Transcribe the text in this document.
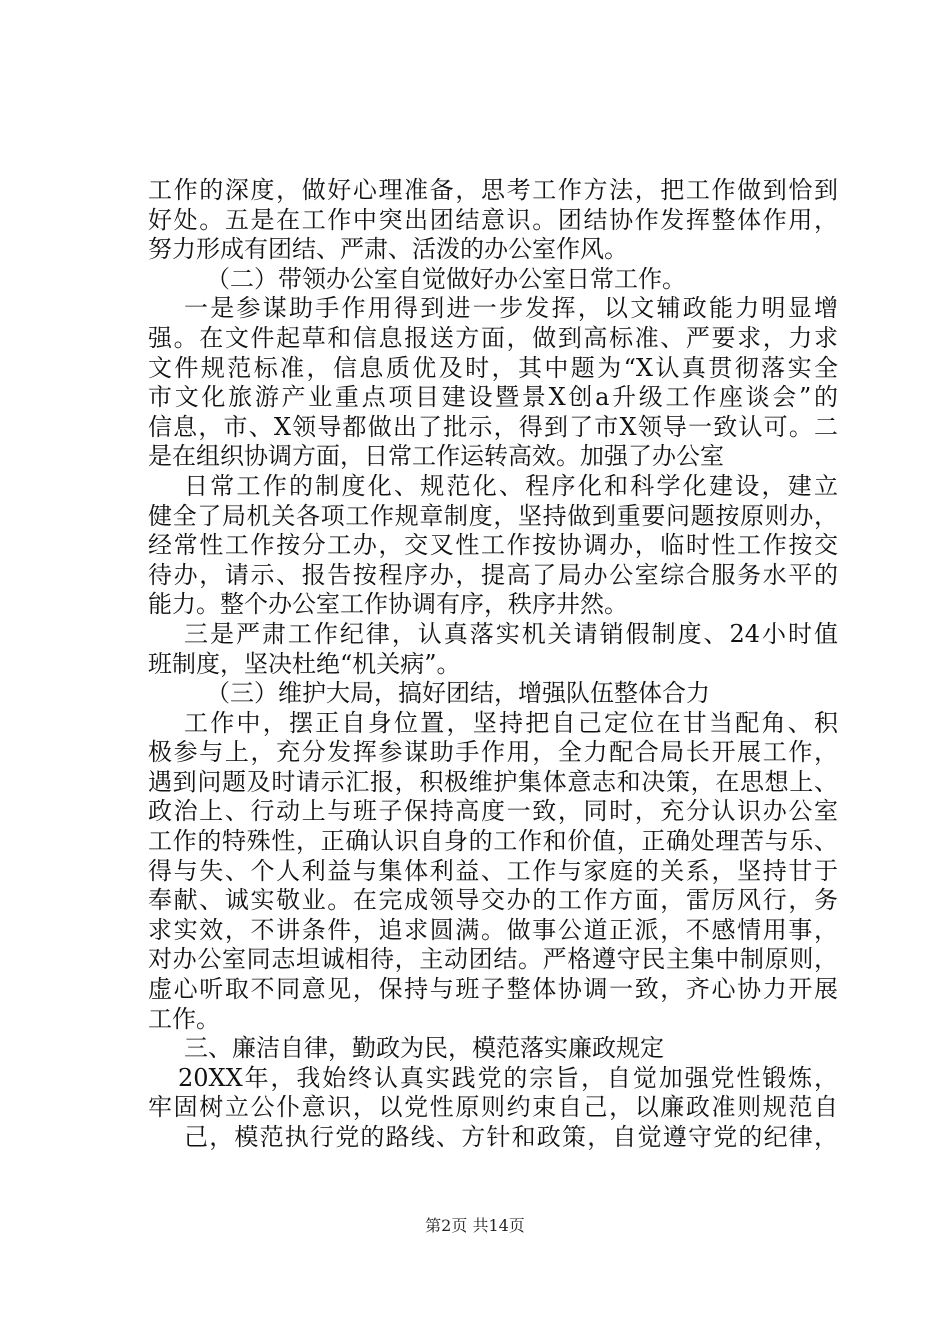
工作的深度，做好心理准备，思考工作方法，把工作做到恰到
好处。五是在工作中突出团结意识。团结协作发挥整体作用，
努力形成有团结、严肃、活泼的办公室作风。
（二）带领办公室自觉做好办公室日常工作。
一是参谋助手作用得到进一步发挥，以文辅政能力明显增
强。在文件起草和信息报送方面，做到高标准、严要求，力求
文件规范标准，信息质优及时，其中题为“X认真贯彻落实全
市文化旅游产业重点项目建设暨景X创a升级工作座谈会”的
信息，市、X领导都做出了批示，得到了市X领导一致认可。二
是在组织协调方面，日常工作运转高效。加强了办公室
日常工作的制度化、规范化、程序化和科学化建设，建立
健全了局机关各项工作规章制度，坚持做到重要问题按原则办，
经常性工作按分工办，交叉性工作按协调办，临时性工作按交
待办，请示、报告按程序办，提高了局办公室综合服务水平的
能力。整个办公室工作协调有序，秩序井然。
三是严肃工作纪律，认真落实机关请销假制度、24小时值
班制度，坚决杜绝“机关病”。
（三）维护大局，搞好团结，增强队伍整体合力
工作中，摆正自身位置，坚持把自己定位在甘当配角、积
极参与上，充分发挥参谋助手作用，全力配合局长开展工作，
遇到问题及时请示汇报，积极维护集体意志和决策，在思想上、
政治上、行动上与班子保持高度一致，同时，充分认识办公室
工作的特殊性，正确认识自身的工作和价值，正确处理苦与乐、
得与失、个人利益与集体利益、工作与家庭的关系，坚持甘于
奉献、诚实敬业。在完成领导交办的工作方面，雷厉风行，务
求实效，不讲条件，追求圆满。做事公道正派，不感情用事，
对办公室同志坦诚相待，主动团结。严格遵守民主集中制原则，
虚心听取不同意见，保持与班子整体协调一致，齐心协力开展
工作。
三、廉洁自律，勤政为民，模范落实廉政规定
20XX年，我始终认真实践党的宗旨，自觉加强党性锻炼，
牢固树立公仆意识，以党性原则约束自己，以廉政准则规范自
己，模范执行党的路线、方针和政策，自觉遵守党的纪律，
第2页 共14页
